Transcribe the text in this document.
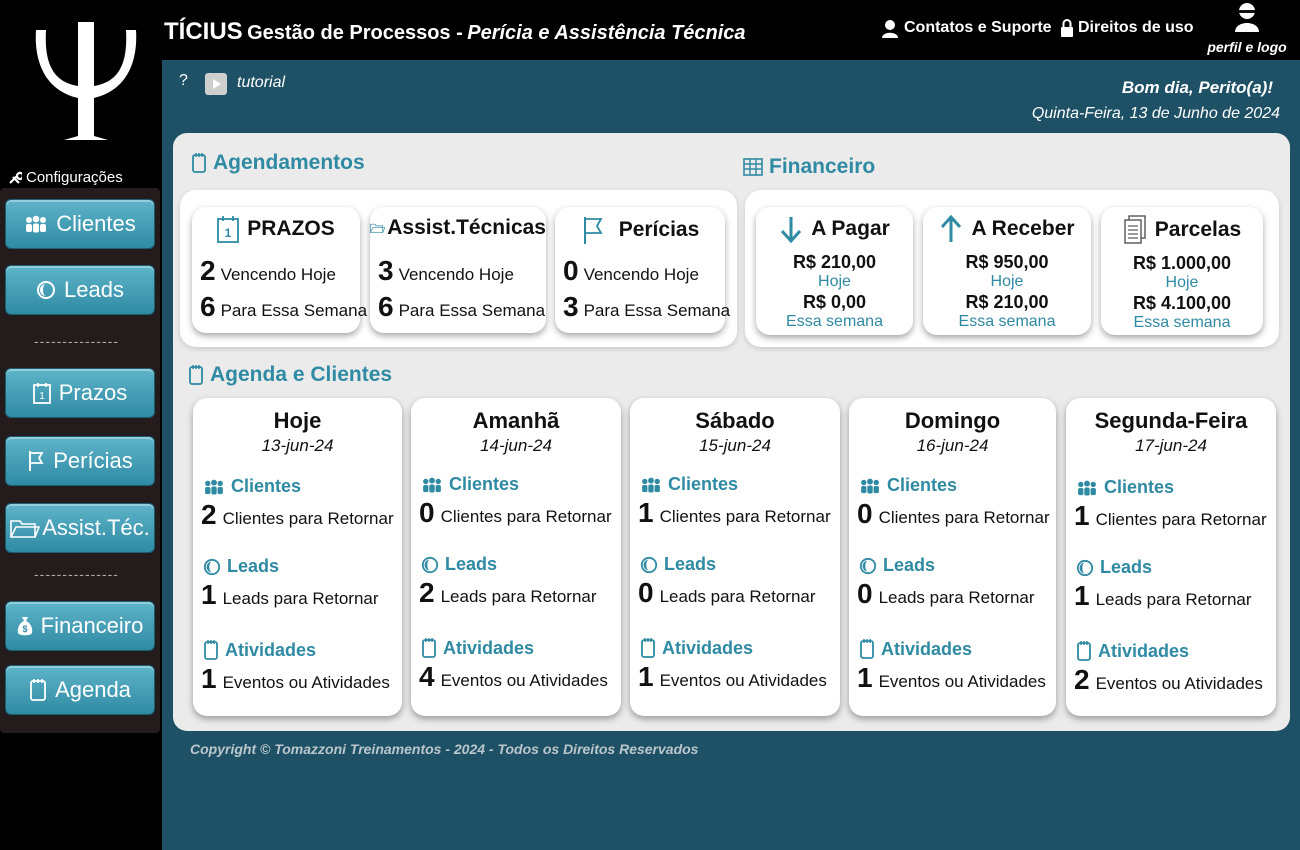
Configurações
Clientes
Leads
---------------
1 Prazos
Perícias
Assist.Téc.
---------------
$ Financeiro
Agenda
TÍCIUS Gestão de Processos - Perícia e Assistência Técnica	Contatos e Suporte Direitos de uso
perfil e logo
?	tutorial	Bom dia, Perito(a)!
Quinta-Feira, 13 de Junho de 2024
Agendamentos
1 PRAZOS
2 Vencendo Hoje
6 Para Essa Semana
Assist.Técnicas
3 Vencendo Hoje
6 Para Essa Semana
Perícias
0 Vencendo Hoje
3 Para Essa Semana
Financeiro
A Pagar
R$ 210,00
Hoje
R$ 0,00
Essa semana
A Receber
R$ 950,00
Hoje
R$ 210,00
Essa semana
Parcelas
R$ 1.000,00
Hoje
R$ 4.100,00
Essa semana
Agenda e Clientes
Hoje
13-jun-24
Clientes
2 Clientes para Retornar
Leads
1 Leads para Retornar
Atividades
1 Eventos ou Atividades
Amanhã
14-jun-24
Clientes
0 Clientes para Retornar
Leads
2 Leads para Retornar
Atividades
4 Eventos ou Atividades
Sábado
15-jun-24
Clientes
1 Clientes para Retornar
Leads
0 Leads para Retornar
Atividades
1 Eventos ou Atividades
Domingo
16-jun-24
Clientes
0 Clientes para Retornar
Leads
0 Leads para Retornar
Atividades
1 Eventos ou Atividades
Segunda-Feira
17-jun-24
Clientes
1 Clientes para Retornar
Leads
1 Leads para Retornar
Atividades
2 Eventos ou Atividades
Copyright © Tomazzoni Treinamentos - 2024 - Todos os Direitos Reservados
